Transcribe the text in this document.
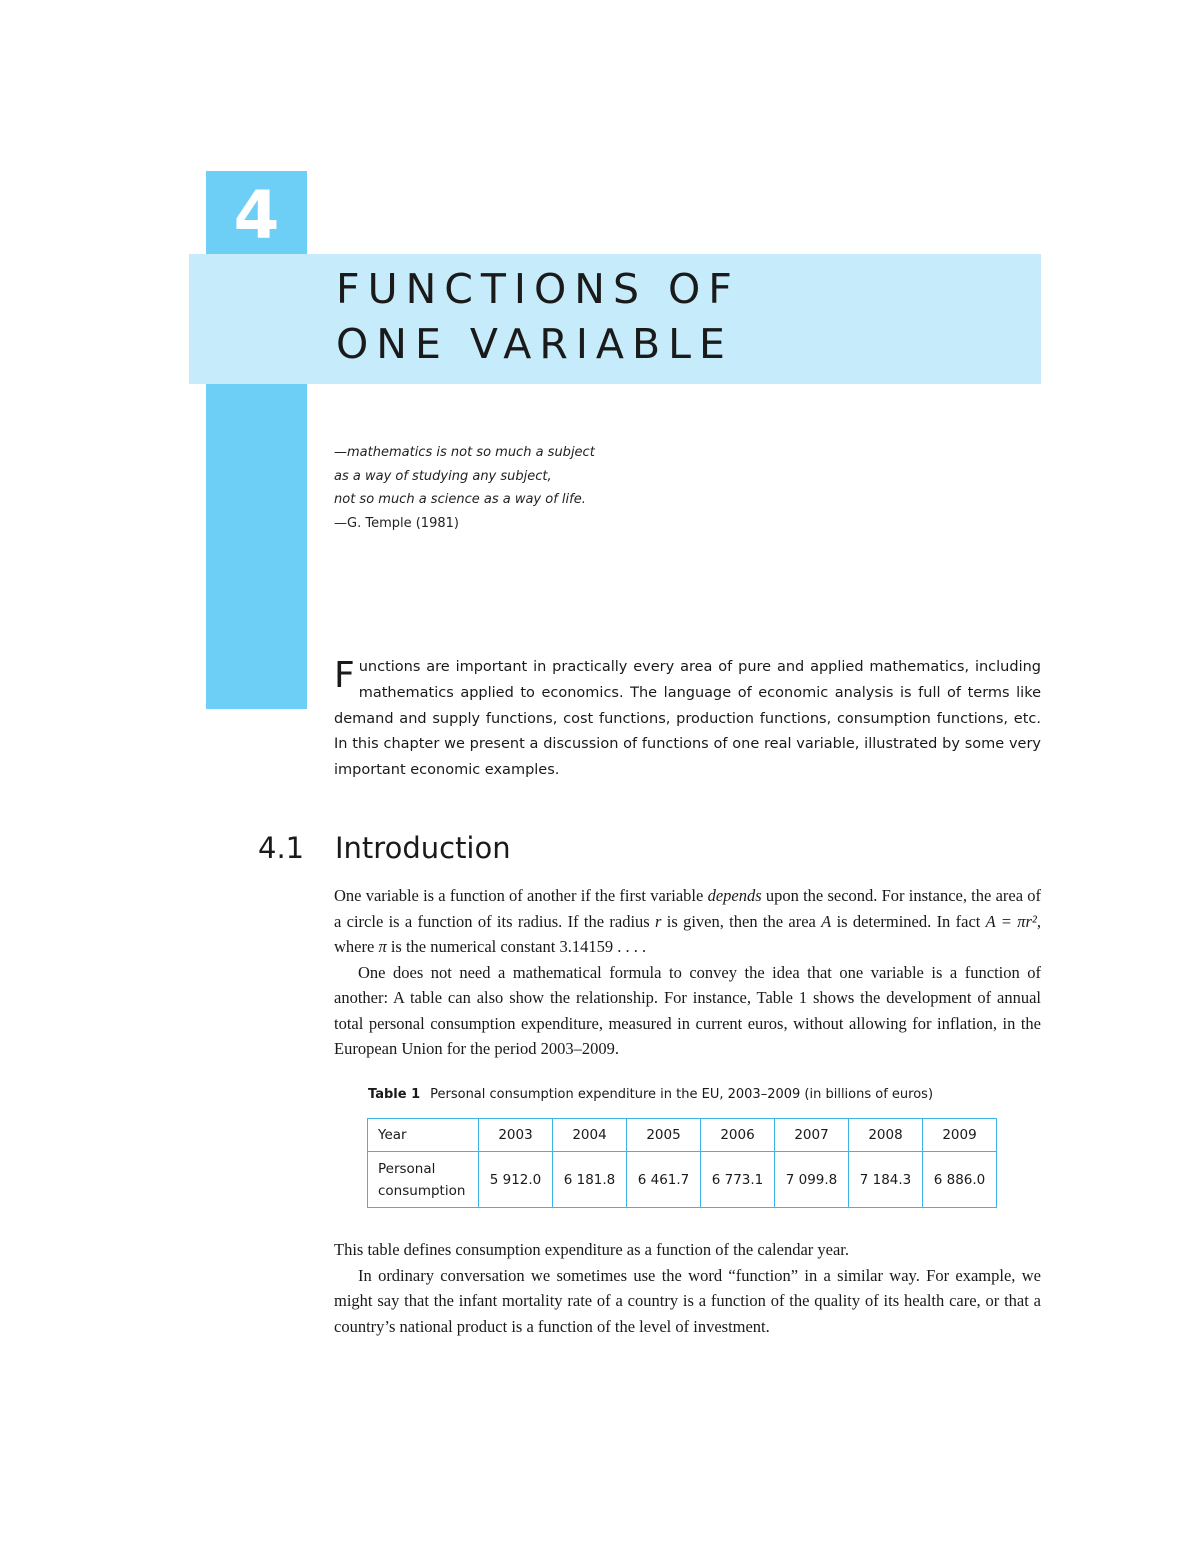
4
FUNCTIONS OF
ONE VARIABLE
—mathematics is not so much a subject
as a way of studying any subject,
not so much a science as a way of life.
—G. Temple (1981)

Functions are important in practically every area of pure and applied mathematics, including mathematics applied to economics. The language of economic analysis is full of terms like demand and supply functions, cost functions, production functions, consumption functions, etc. In this chapter we present a discussion of functions of one real variable, illustrated by some very important economic examples.

4.1 Introduction

One variable is a function of another if the first variable depends upon the second. For instance, the area of a circle is a function of its radius. If the radius r is given, then the area A is determined. In fact A = πr², where π is the numerical constant 3.14159 . . . .

One does not need a mathematical formula to convey the idea that one variable is a function of another: A table can also show the relationship. For instance, Table 1 shows the development of annual total personal consumption expenditure, measured in current euros, without allowing for inflation, in the European Union for the period 2003–2009.

Table 1 Personal consumption expenditure in the EU, 2003–2009 (in billions of euros)
Year	2003	2004	2005	2006	2007	2008	2009
Personal consumption	5 912.0	6 181.8	6 461.7	6 773.1	7 099.8	7 184.3	6 886.0

This table defines consumption expenditure as a function of the calendar year.

In ordinary conversation we sometimes use the word “function” in a similar way. For example, we might say that the infant mortality rate of a country is a function of the quality of its health care, or that a country’s national product is a function of the level of investment.
